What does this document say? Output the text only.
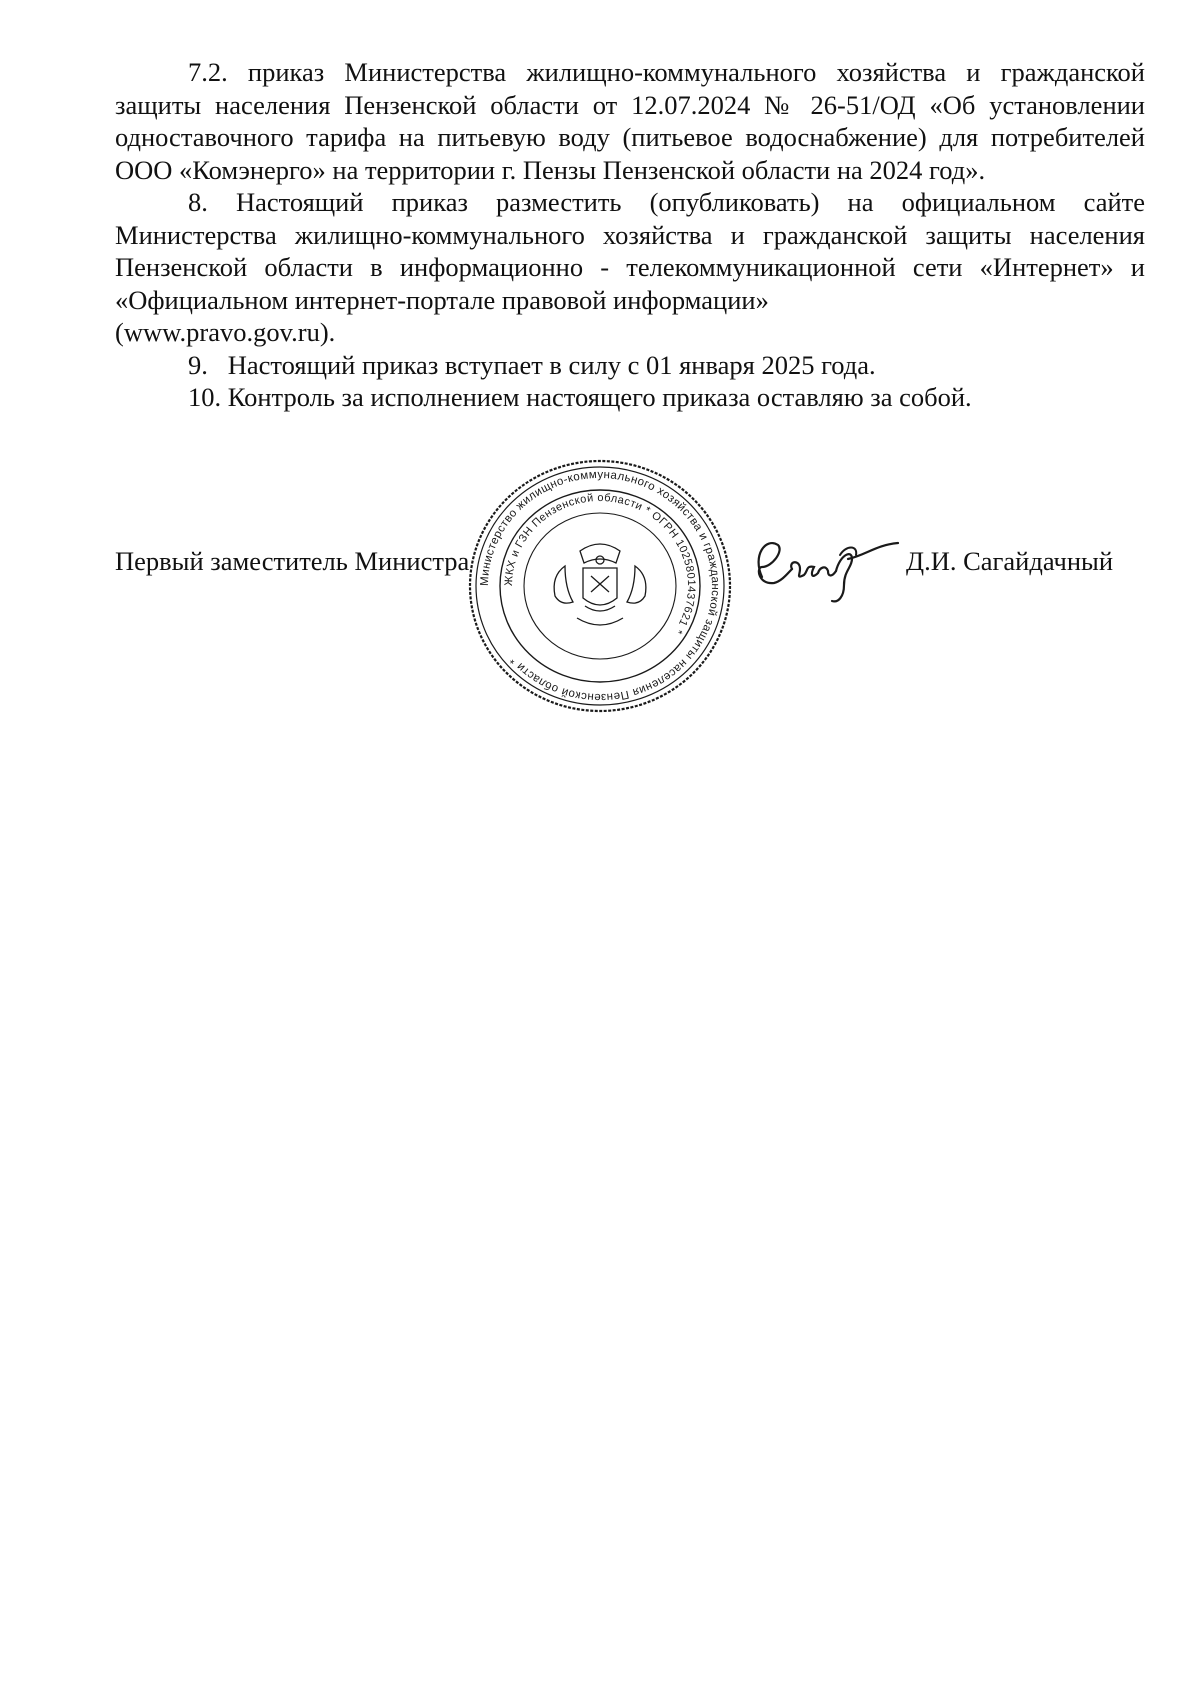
7.2. приказ Министерства жилищно-коммунального хозяйства и гражданской защиты населения Пензенской области от 12.07.2024 № 26-51/ОД «Об установлении одноставочного тарифа на питьевую воду (питьевое водоснабжение) для потребителей ООО «Комэнерго» на территории г. Пензы Пензенской области на 2024 год».

8. Настоящий приказ разместить (опубликовать) на официальном сайте Министерства жилищно-коммунального хозяйства и гражданской защиты населения Пензенской области в информационно - телекоммуникационной сети «Интернет» и «Официальном интернет-портале правовой информации»

(www.pravo.gov.ru).

9.   Настоящий приказ вступает в силу с 01 января 2025 года.

10. Контроль за исполнением настоящего приказа оставляю за собой.

Министерство жилищно-коммунального хозяйства и гражданской защиты населения Пензенской области *
ЖКХ и ГЗН Пензенской области * ОГРН 1025801437621 *
Первый заместитель Министра	Д.И. Сагайдачный
